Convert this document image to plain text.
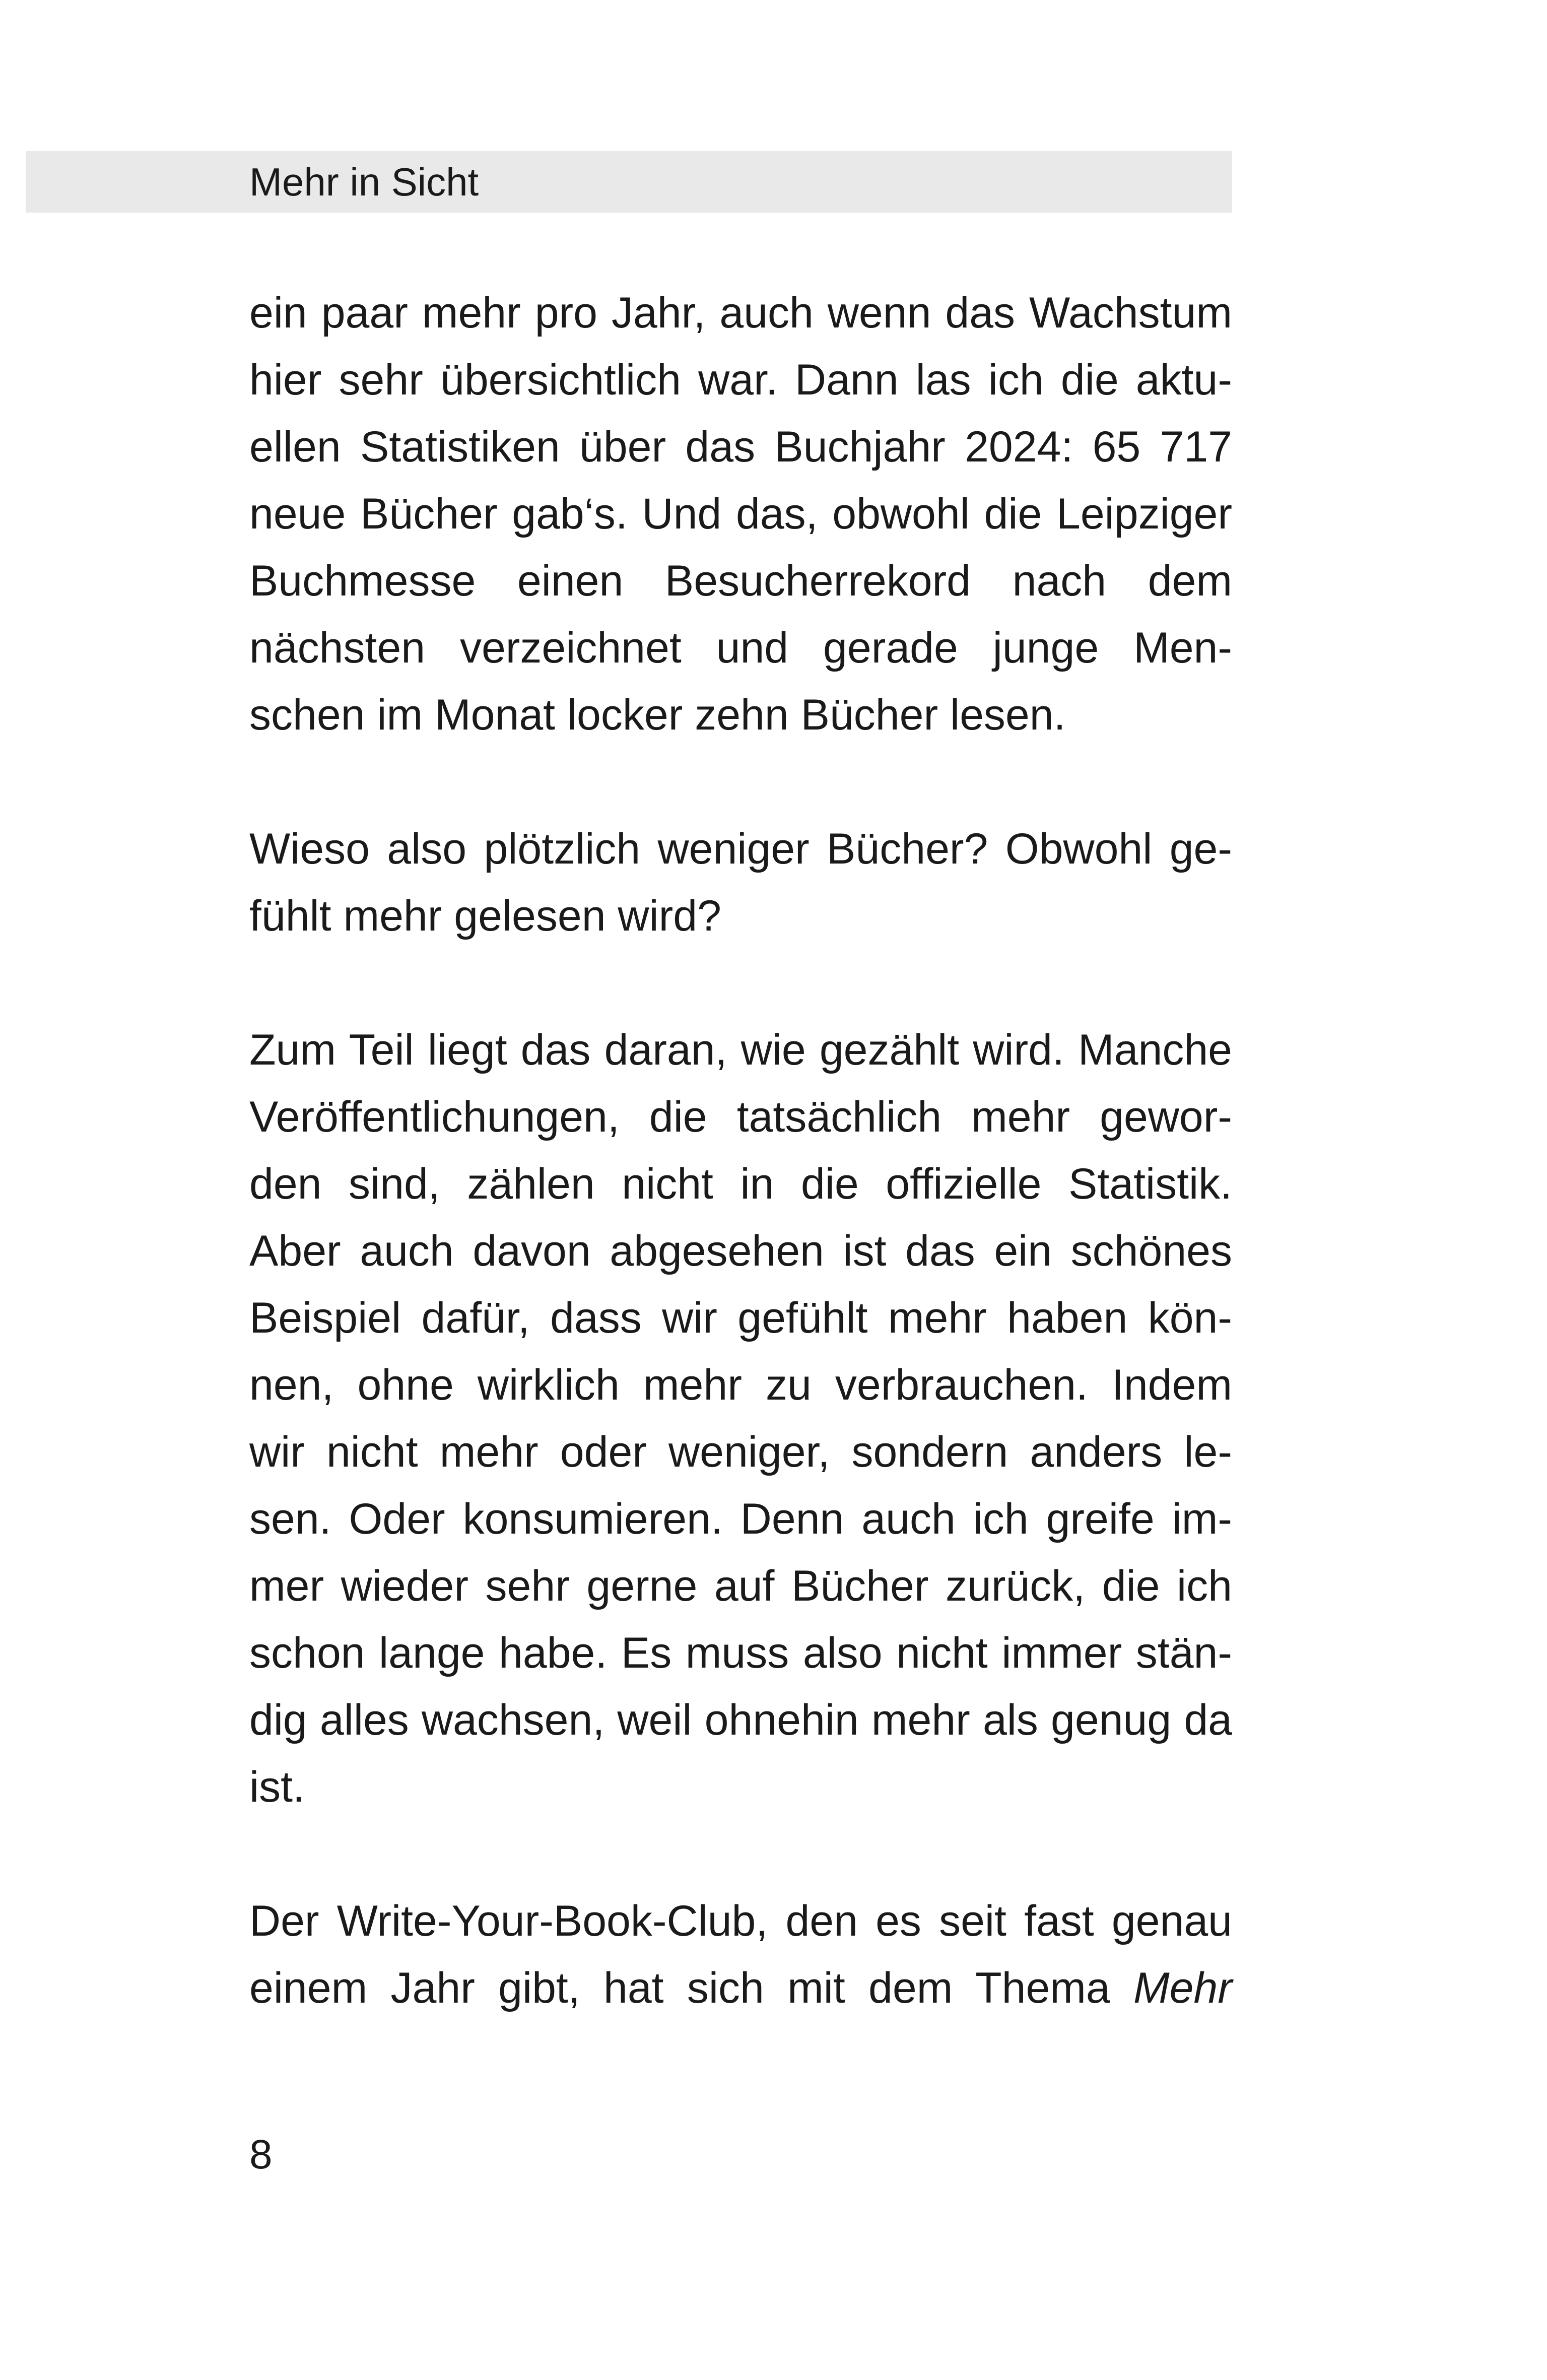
Mehr in Sicht
ein paar mehr pro Jahr, auch wenn das Wachstum
hier sehr übersichtlich war. Dann las ich die aktu-
ellen Statistiken über das Buchjahr 2024: 65 717
neue Bücher gab‘s. Und das, obwohl die Leipziger
Buchmesse einen Besucherrekord nach dem
nächsten verzeichnet und gerade junge Men-
schen im Monat locker zehn Bücher lesen.
Wieso also plötzlich weniger Bücher? Obwohl ge-
fühlt mehr gelesen wird?
Zum Teil liegt das daran, wie gezählt wird. Manche
Veröffentlichungen, die tatsächlich mehr gewor-
den sind, zählen nicht in die offizielle Statistik.
Aber auch davon abgesehen ist das ein schönes
Beispiel dafür, dass wir gefühlt mehr haben kön-
nen, ohne wirklich mehr zu verbrauchen. Indem
wir nicht mehr oder weniger, sondern anders le-
sen. Oder konsumieren. Denn auch ich greife im-
mer wieder sehr gerne auf Bücher zurück, die ich
schon lange habe. Es muss also nicht immer stän-
dig alles wachsen, weil ohnehin mehr als genug da
ist.
Der Write-Your-Book-Club, den es seit fast genau
einem Jahr gibt, hat sich mit dem Thema Mehr
8
